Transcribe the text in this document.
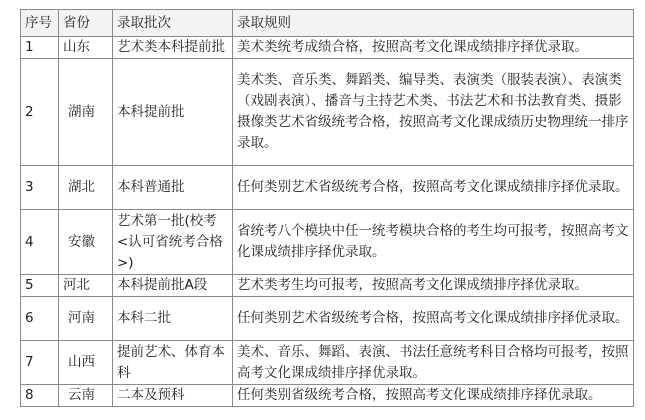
序号	省份	录取批次	录取规则
1	山东	艺术类本科提前批	美术类统考成绩合格，按照高考文化课成绩排序择优录取。
2	湖南	本科提前批	美术类、音乐类、舞蹈类、编导类、表演类（服装表演）、表演类（戏剧表演）、播音与主持艺术类、书法艺术和书法教育类、摄影摄像类艺术省级统考合格，按照高考文化课成绩历史物理统一排序录取。
3	湖北	本科普通批	任何类别艺术省级统考合格，按照高考文化课成绩排序择优录取。
4	安徽	艺术第一批(校考<认可省统考合格>)	省统考八个模块中任一统考模块合格的考生均可报考，按照高考文化课成绩排序择优录取。
5	河北	本科提前批A段	艺术类考生均可报考，按照高考文化课成绩排序择优录取。
6	河南	本科二批	任何类别艺术省级统考合格，按照高考文化课成绩排序择优录取。
7	山西	提前艺术、体育本科	美术、音乐、舞蹈、表演、书法任意统考科目合格均可报考，按照高考文化课成绩排序择优录取。
8	云南	二本及预科	任何类别省级统考合格，按照高考文化课成绩排序择优录取。
